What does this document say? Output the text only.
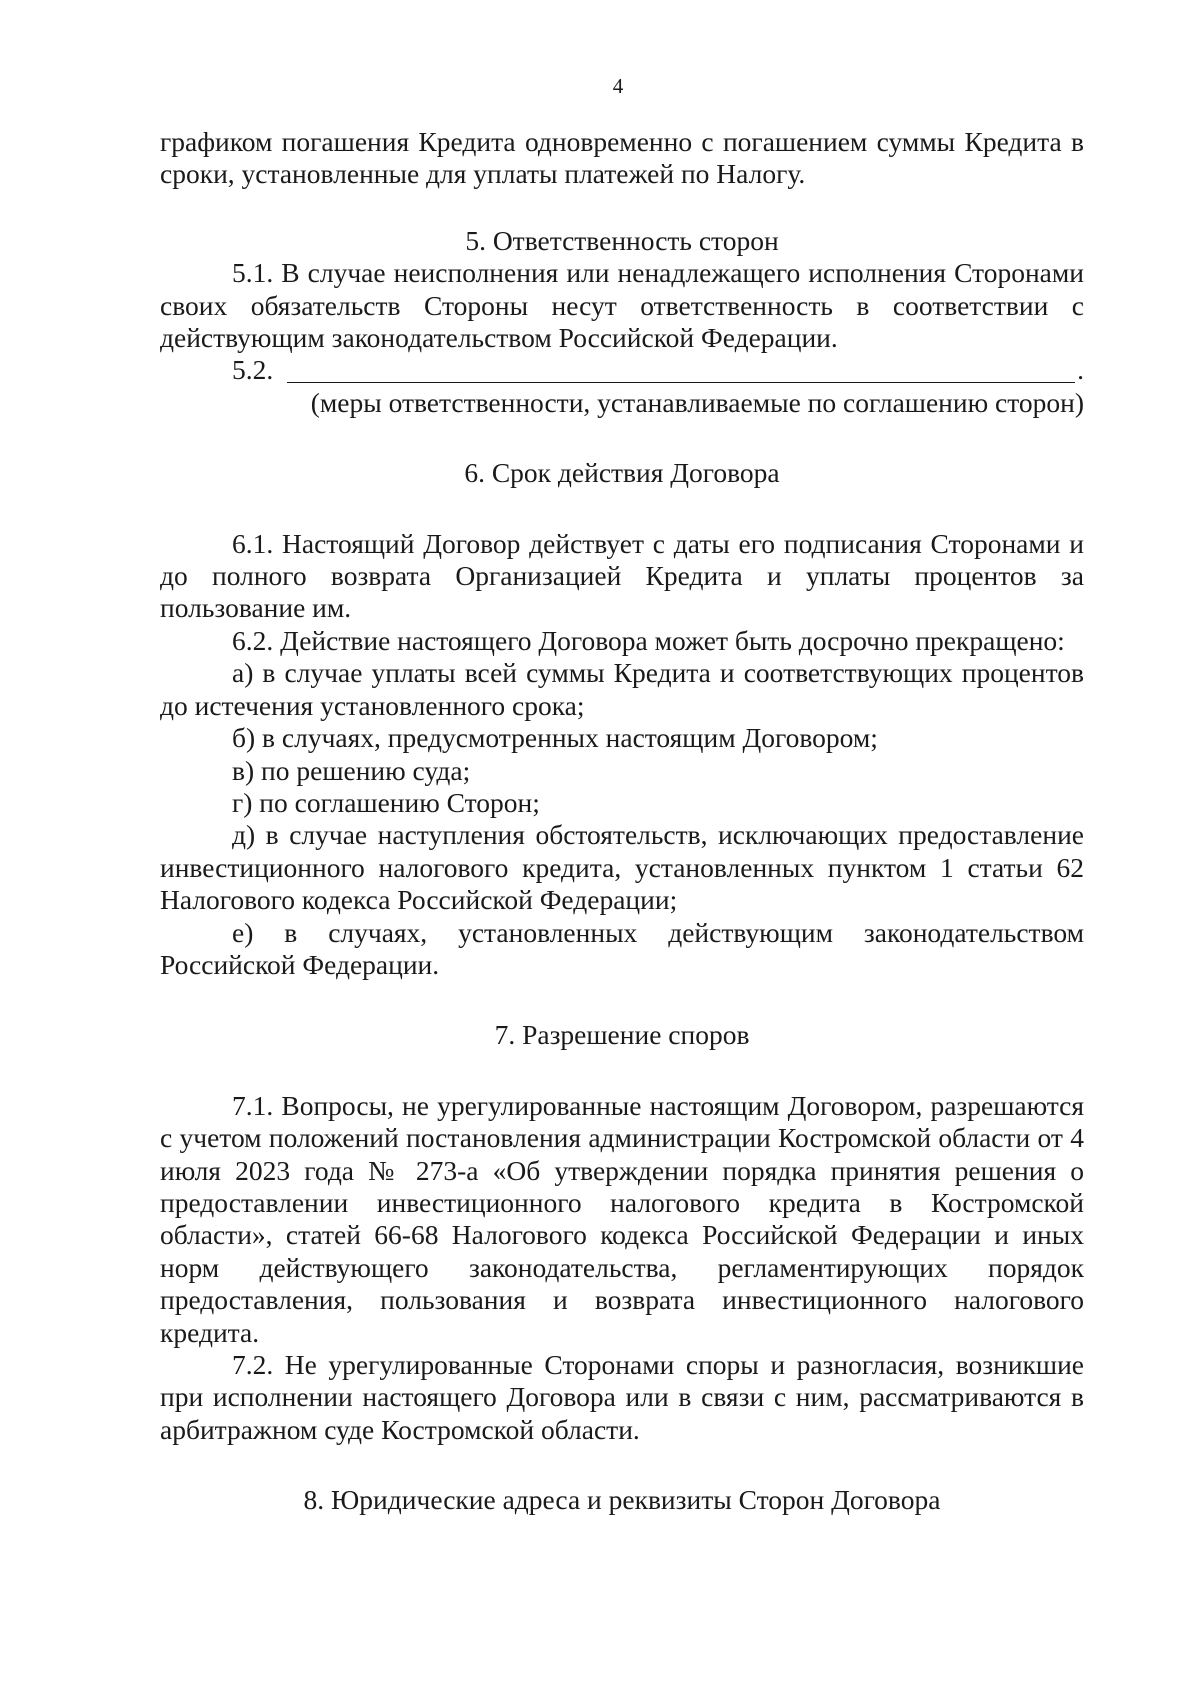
4

графиком погашения Кредита одновременно с погашением суммы Кредита в сроки, установленные для уплаты платежей по Налогу.

5. Ответственность сторон

5.1. В случае неисполнения или ненадлежащего исполнения Сторонами своих обязательств Стороны несут ответственность в соответствии с действующим законодательством Российской Федерации.

5.2.	.

(меры ответственности, устанавливаемые по соглашению сторон)

6. Срок действия Договора

6.1. Настоящий Договор действует с даты его подписания Сторонами и до полного возврата Организацией Кредита и уплаты процентов за пользование им.

6.2. Действие настоящего Договора может быть досрочно прекращено:

а) в случае уплаты всей суммы Кредита и соответствующих процентов до истечения установленного срока;

б) в случаях, предусмотренных настоящим Договором;

в) по решению суда;

г) по соглашению Сторон;

д) в случае наступления обстоятельств, исключающих предоставление инвестиционного налогового кредита, установленных пунктом 1 статьи 62 Налогового кодекса Российской Федерации;

е) в случаях, установленных действующим законодательством Российской Федерации.

7. Разрешение споров

7.1. Вопросы, не урегулированные настоящим Договором, разрешаются с учетом положений постановления администрации Костромской области от 4 июля 2023 года № 273-а «Об утверждении порядка принятия решения о предоставлении инвестиционного налогового кредита в Костромской области», статей 66-68 Налогового кодекса Российской Федерации и иных норм действующего законодательства, регламентирующих порядок предоставления, пользования и возврата инвестиционного налогового кредита.

7.2. Не урегулированные Сторонами споры и разногласия, возникшие при исполнении настоящего Договора или в связи с ним, рассматриваются в арбитражном суде Костромской области.

8. Юридические адреса и реквизиты Сторон Договора
